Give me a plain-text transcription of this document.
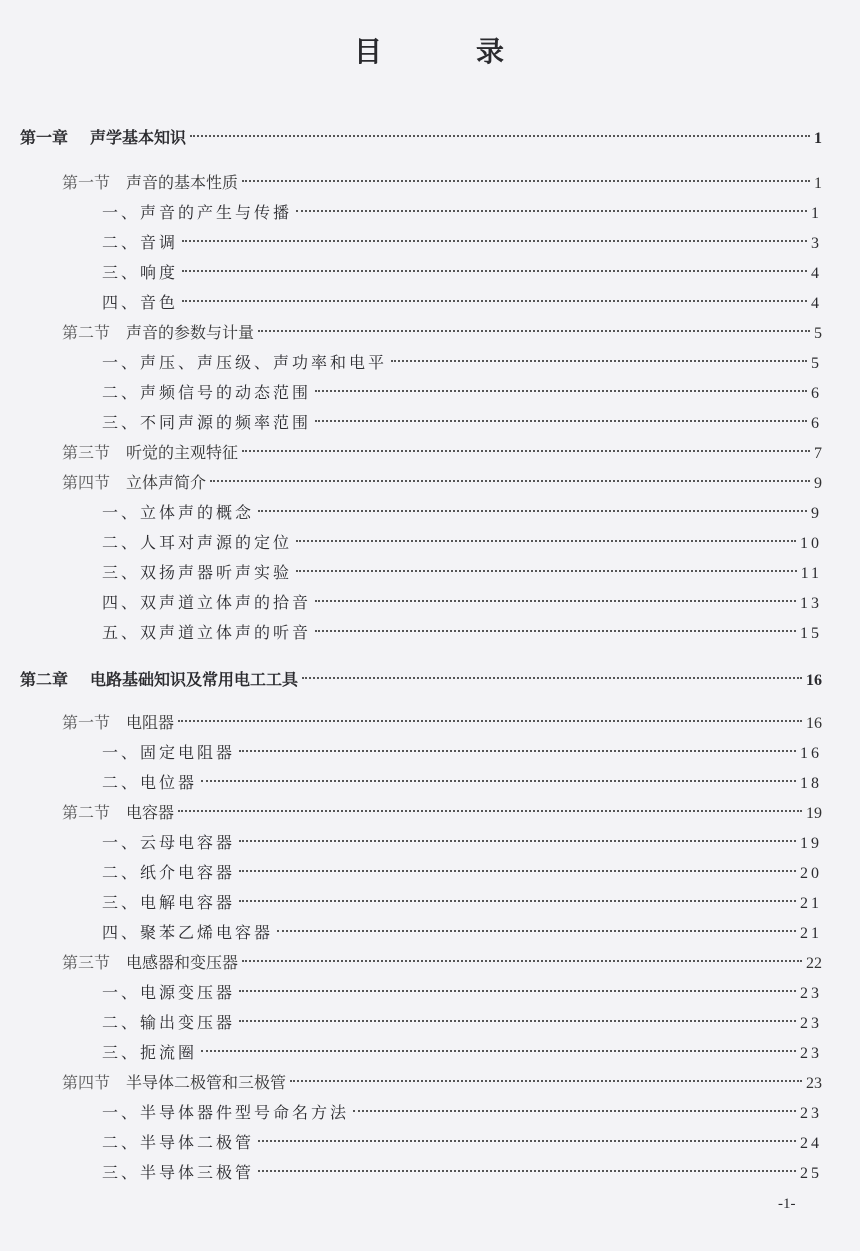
目	录
第一章 声学基本知识	1
第一节 声音的基本性质	1
一、声音的产生与传播	1
二、音调	3
三、响度	4
四、音色	4
第二节 声音的参数与计量	5
一、声压、声压级、声功率和电平	5
二、声频信号的动态范围	6
三、不同声源的频率范围	6
第三节 听觉的主观特征	7
第四节 立体声简介	9
一、立体声的概念	9
二、人耳对声源的定位	10
三、双扬声器听声实验	11
四、双声道立体声的拾音	13
五、双声道立体声的听音	15
第二章 电路基础知识及常用电工工具	16
第一节 电阻器	16
一、固定电阻器	16
二、电位器	18
第二节 电容器	19
一、云母电容器	19
二、纸介电容器	20
三、电解电容器	21
四、聚苯乙烯电容器	21
第三节 电感器和变压器	22
一、电源变压器	23
二、输出变压器	23
三、扼流圈	23
第四节 半导体二极管和三极管	23
一、半导体器件型号命名方法	23
二、半导体二极管	24
三、半导体三极管	25
-1-
